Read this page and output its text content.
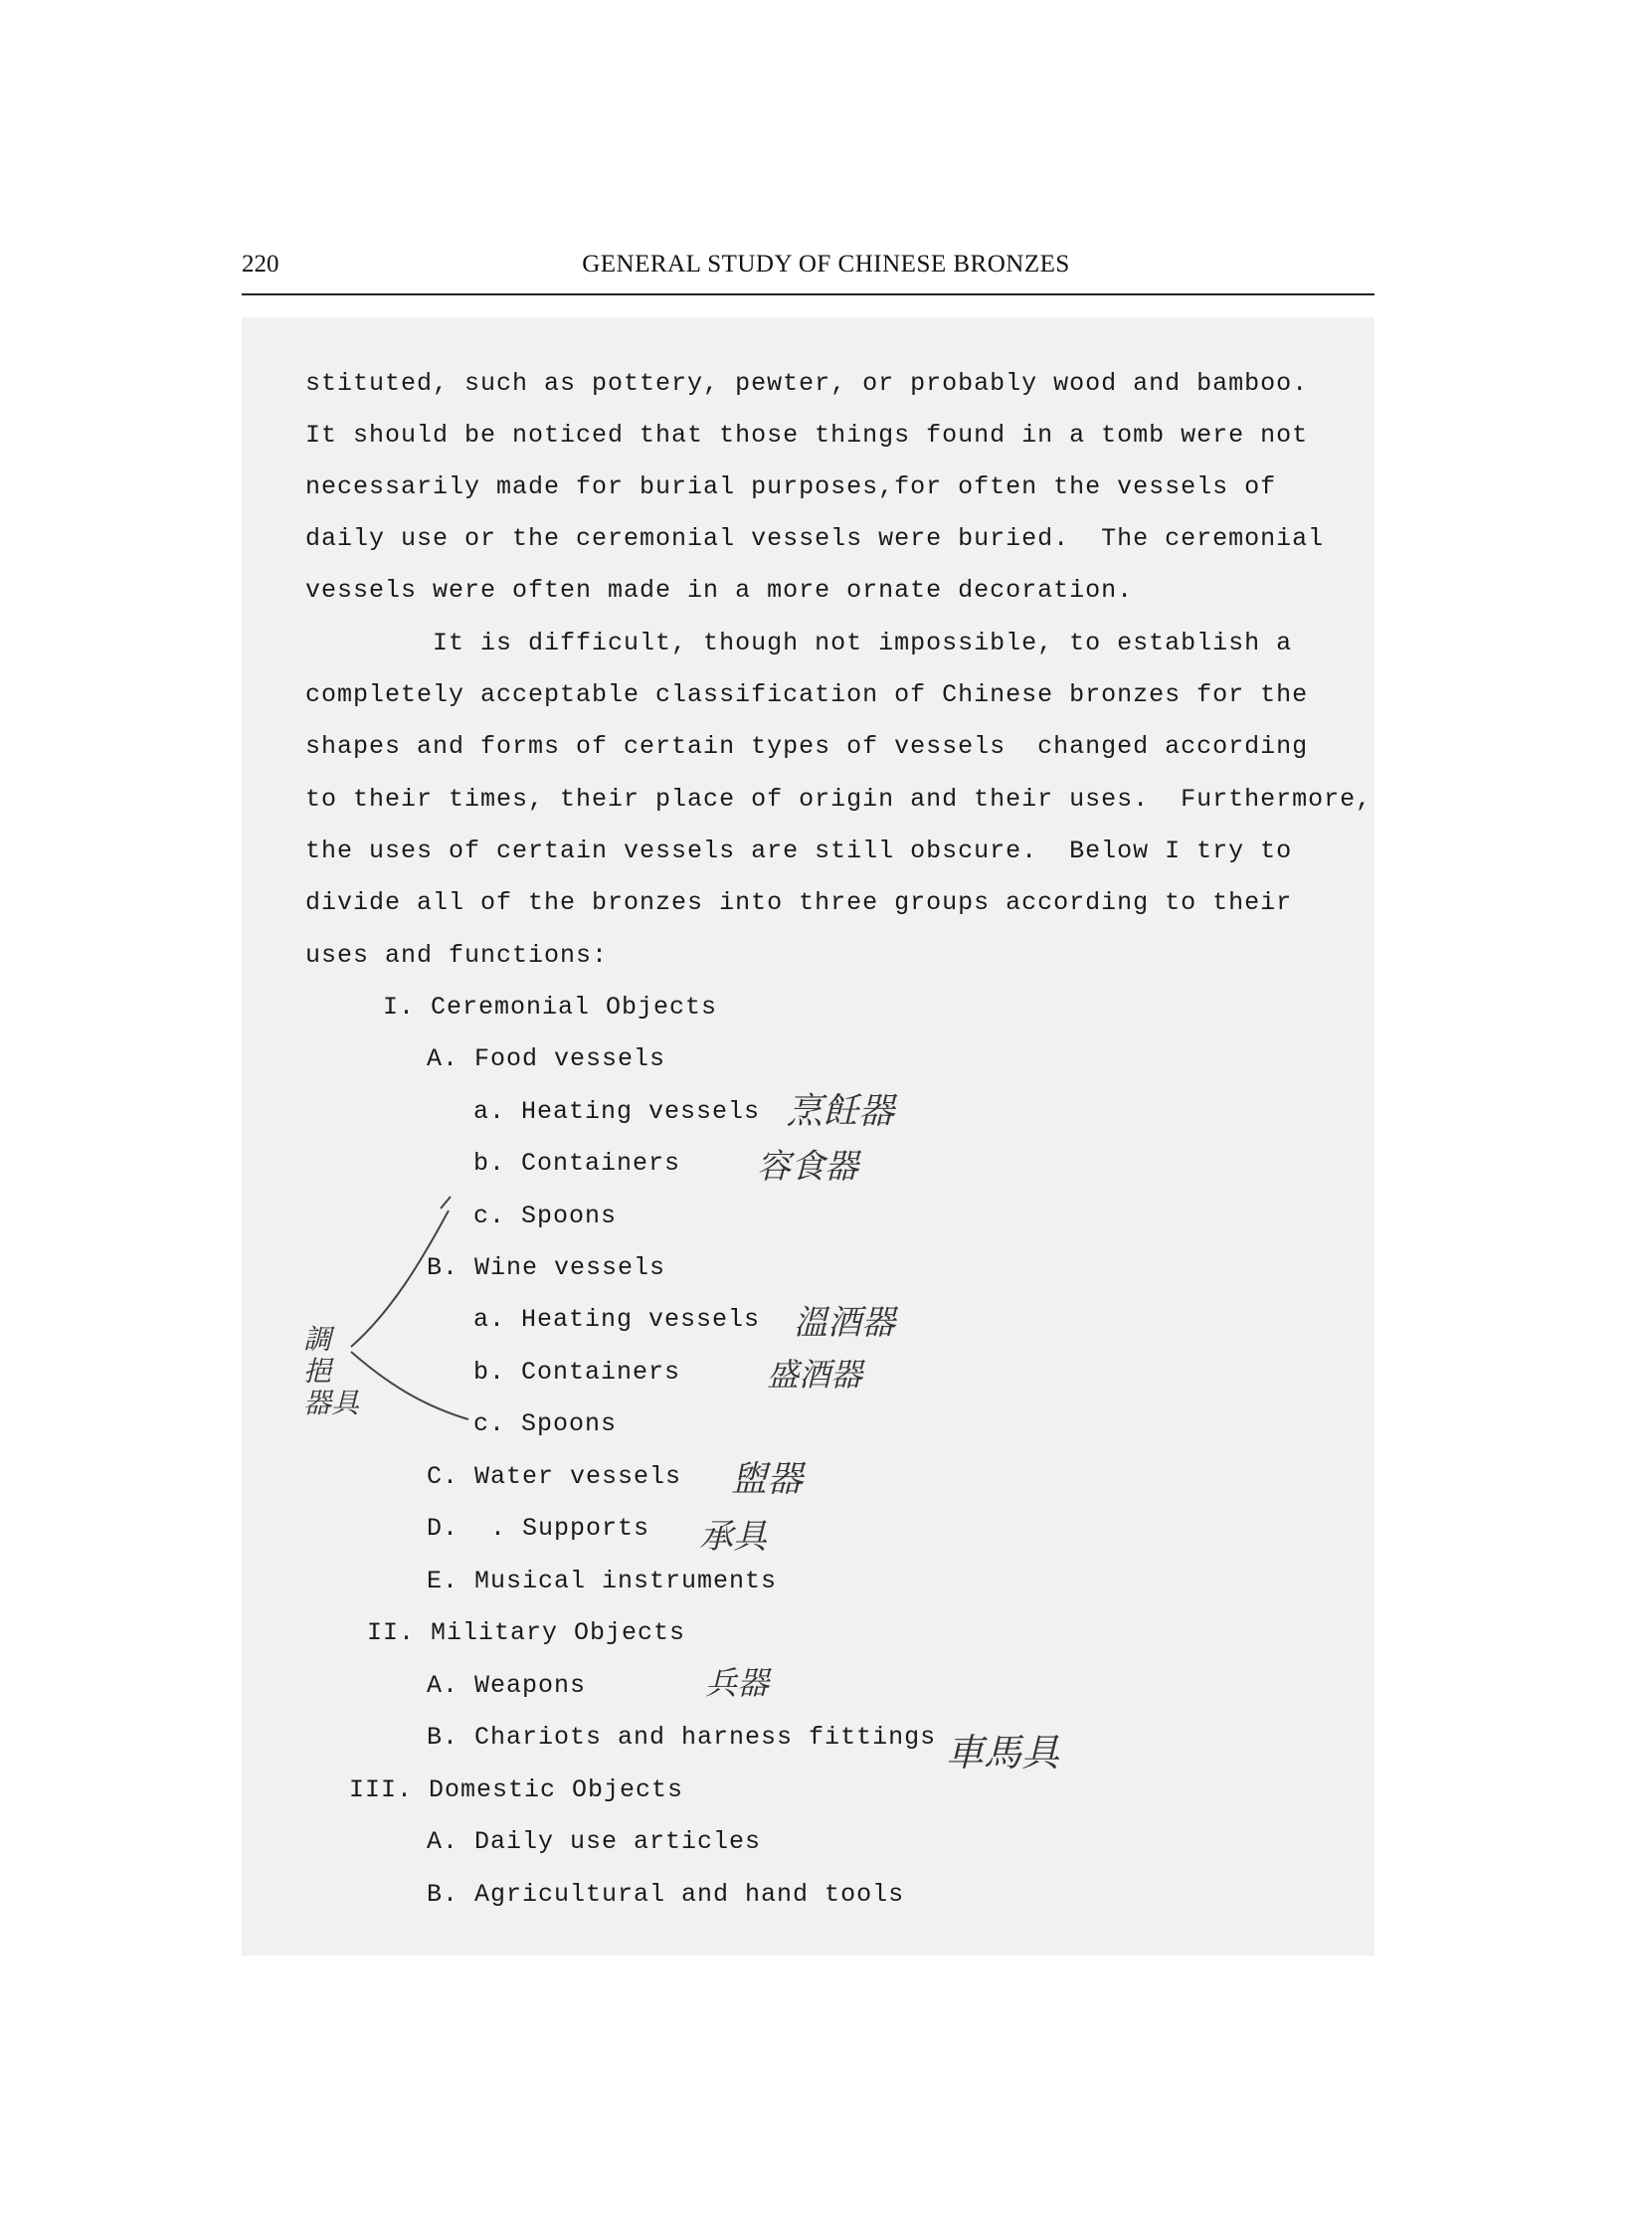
220	GENERAL STUDY OF CHINESE BRONZES
stituted, such as pottery, pewter, or probably wood and bamboo.
It should be noticed that those things found in a tomb were not
necessarily made for burial purposes,for often the vessels of
daily use or the ceremonial vessels were buried.  The ceremonial
vessels were often made in a more ornate decoration.
It is difficult, though not impossible, to establish a
completely acceptable classification of Chinese bronzes for the
shapes and forms of certain types of vessels  changed according
to their times, their place of origin and their uses.  Furthermore,
the uses of certain vessels are still obscure.  Below I try to
divide all of the bronzes into three groups according to their
uses and functions:
I. Ceremonial Objects
A. Food vessels
a. Heating vessels
b. Containers
c. Spoons
B. Wine vessels
a. Heating vessels
b. Containers
c. Spoons
C. Water vessels
D.  . Supports
E. Musical instruments
II. Military Objects
A. Weapons
B. Chariots and harness fittings
III. Domestic Objects
A. Daily use articles
B. Agricultural and hand tools
烹飪器
容食器
溫酒器
盛酒器
盥器
承具
兵器
車馬具
調
挹
器具
